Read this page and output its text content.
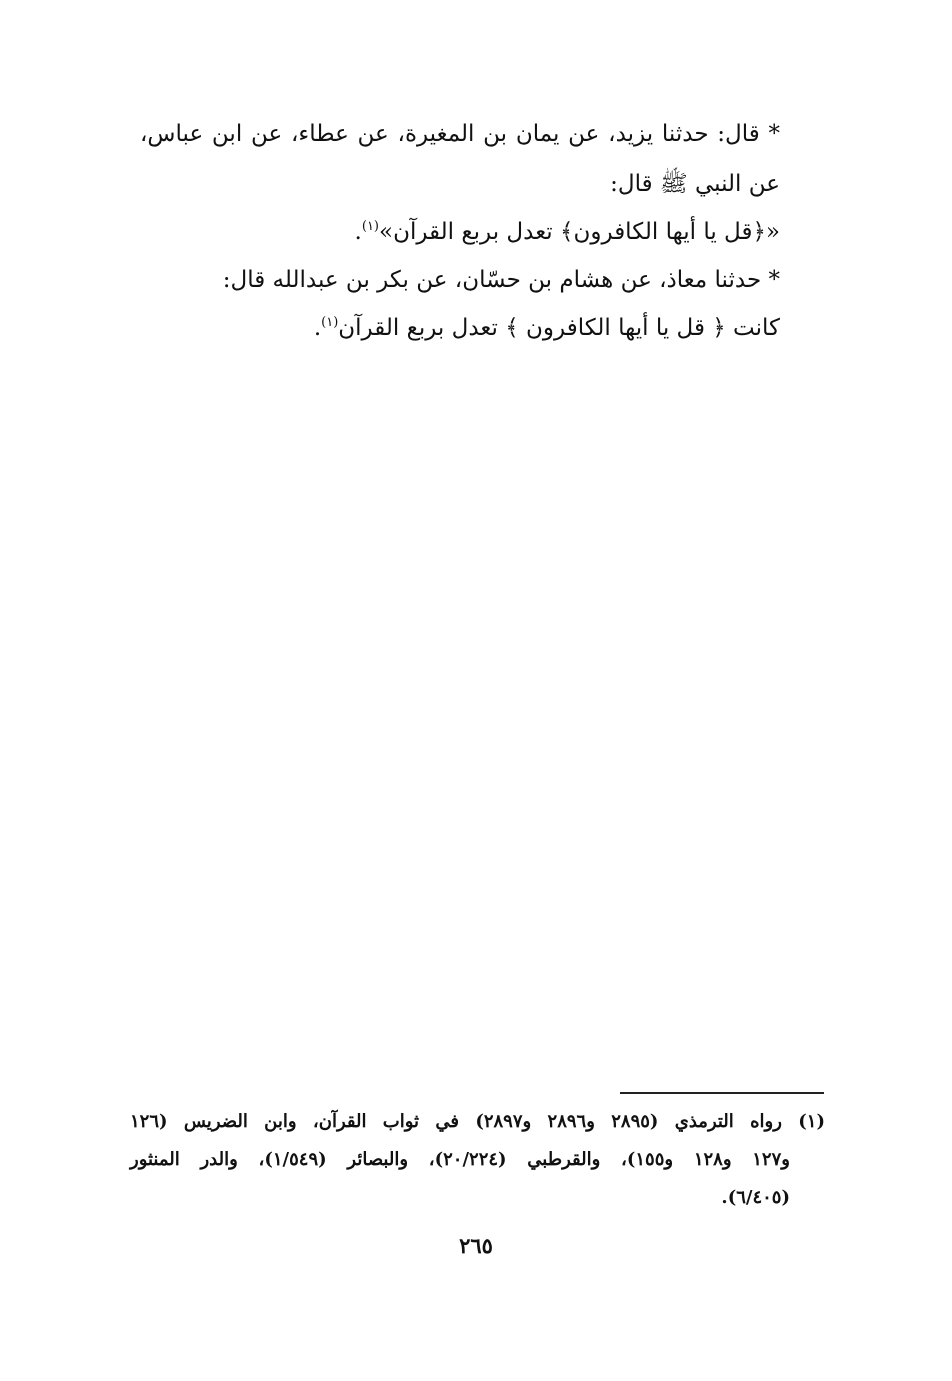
* قال: حدثنا يزيد، عن يمان بن المغيرة، عن عطاء، عن ابن عباس،
عن النبي ﷺ قال:
«﴿قل يا أيها الكافرون﴾ تعدل بربع القرآن»$^{(١)}$.
* حدثنا معاذ، عن هشام بن حسّان، عن بكر بن عبدالله قال:
كانت ﴿ قل يا أيها الكافرون ﴾ تعدل بربع القرآن$^{(١)}$.
(١) رواه الترمذي (٢٨٩٥ و٢٨٩٦ و٢٨٩٧) في ثواب القرآن، وابن الضريس (١٢٦
و١٢٧ و١٢٨ و١٥٥)، والقرطبي (٢٠/٢٢٤)، والبصائر (١/٥٤٩)، والدر المنثور
(٦/٤٠٥).
٢٦٥
